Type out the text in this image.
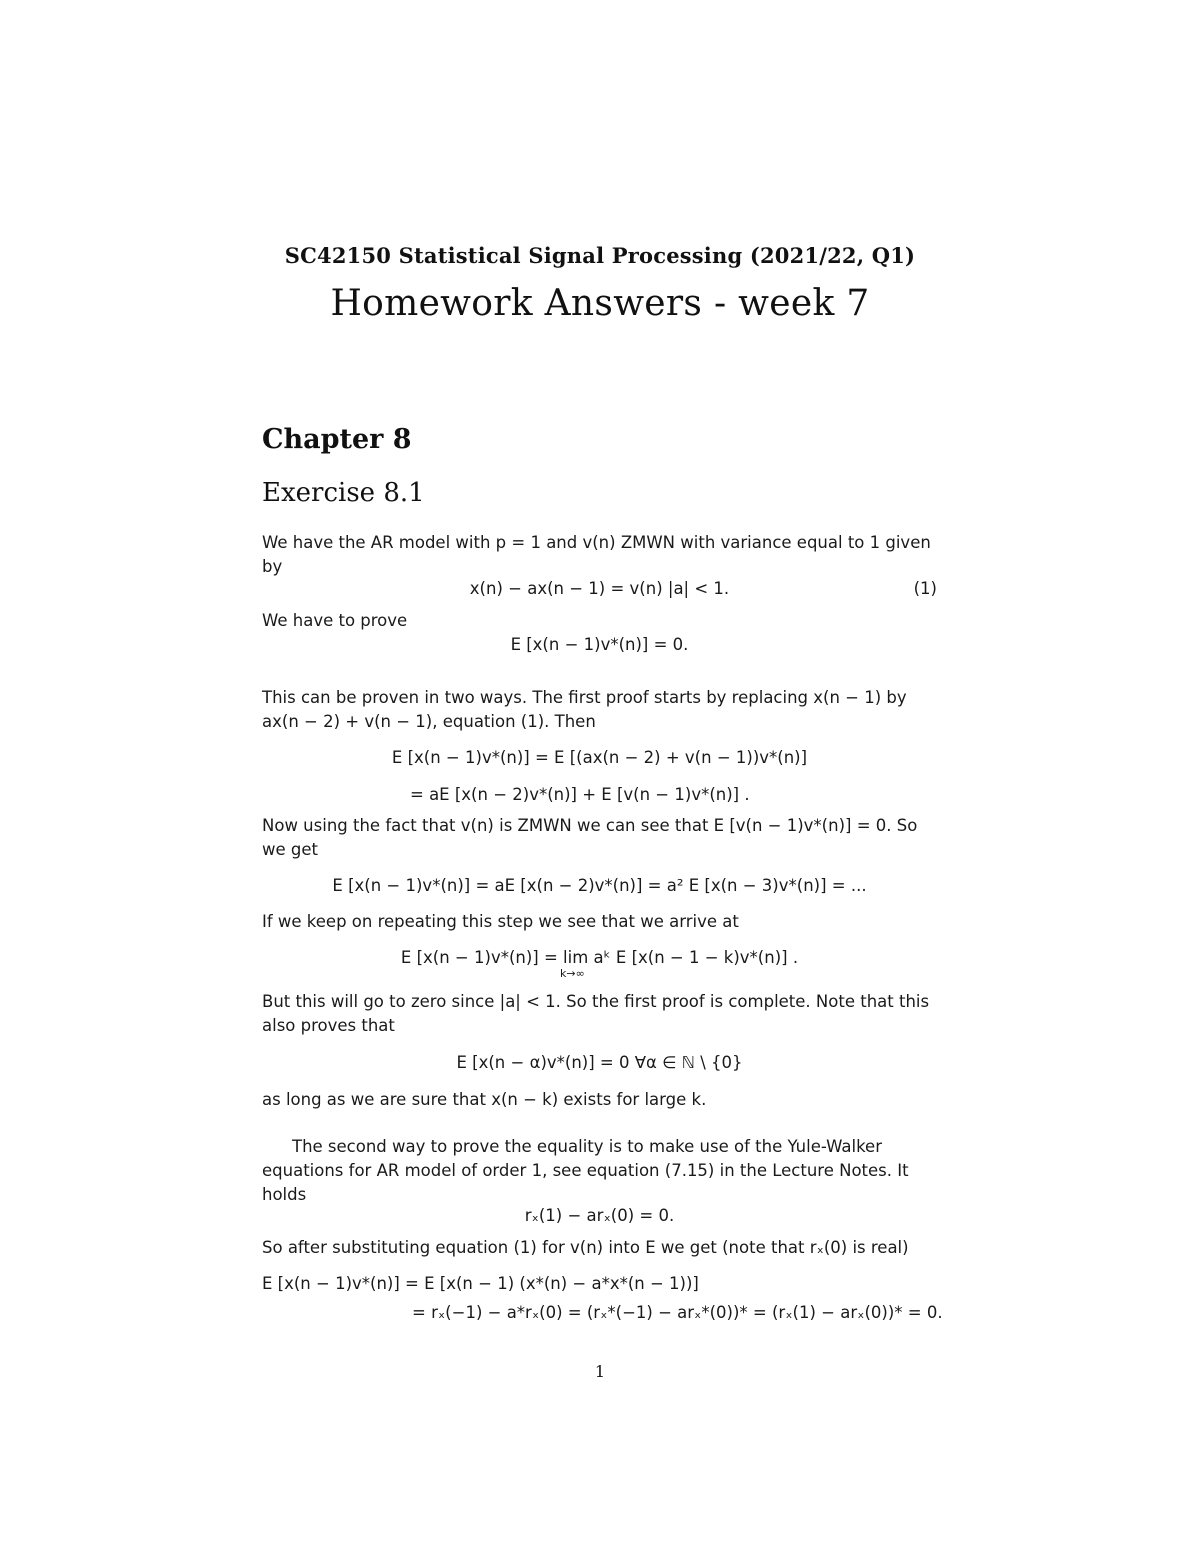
SC42150 Statistical Signal Processing (2021/22, Q1)
Homework Answers - week 7
Chapter 8
Exercise 8.1
We have the AR model with p = 1 and v(n) ZMWN with variance equal to 1 given by
x(n) − ax(n − 1) = v(n) |a| < 1.	(1)
We have to prove
E [x(n − 1)v*(n)] = 0.
This can be proven in two ways. The first proof starts by replacing x(n − 1) by ax(n − 2) + v(n − 1), equation (1). Then
E [x(n − 1)v*(n)] = E [(ax(n − 2) + v(n − 1))v*(n)]
= aE [x(n − 2)v*(n)] + E [v(n − 1)v*(n)] .
Now using the fact that v(n) is ZMWN we can see that E [v(n − 1)v*(n)] = 0. So we get
E [x(n − 1)v*(n)] = aE [x(n − 2)v*(n)] = a² E [x(n − 3)v*(n)] = ...
If we keep on repeating this step we see that we arrive at
E [x(n − 1)v*(n)] = lim aᵏ E [x(n − 1 − k)v*(n)] .
k→∞
But this will go to zero since |a| < 1. So the first proof is complete. Note that this also proves that
E [x(n − α)v*(n)] = 0 ∀α ∈ ℕ \ {0}
as long as we are sure that x(n − k) exists for large k.
The second way to prove the equality is to make use of the Yule-Walker equations for AR model of order 1, see equation (7.15) in the Lecture Notes. It holds
rₓ(1) − arₓ(0) = 0.
So after substituting equation (1) for v(n) into E we get (note that rₓ(0) is real)
E [x(n − 1)v*(n)] = E [x(n − 1) (x*(n) − a*x*(n − 1))]
= rₓ(−1) − a*rₓ(0) = (rₓ*(−1) − arₓ*(0))* = (rₓ(1) − arₓ(0))* = 0.
1
